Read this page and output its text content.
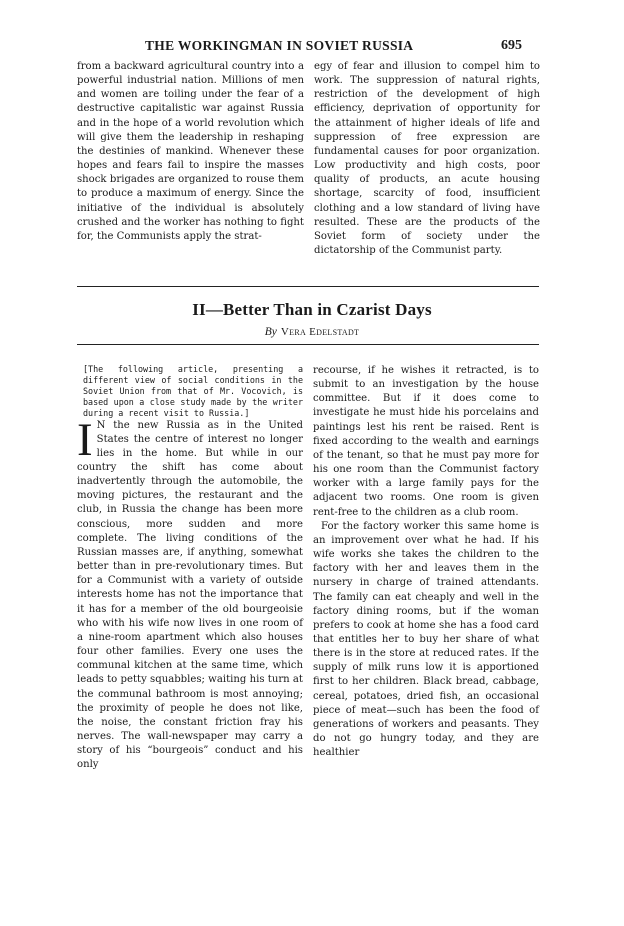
THE WORKINGMAN IN SOVIET RUSSIA	695

from a backward agricultural country into a powerful industrial nation. Millions of men and women are toiling under the fear of a destructive capitalistic war against Russia and in the hope of a world revolution which will give them the leadership in reshaping the destinies of mankind. Whenever these hopes and fears fail to inspire the masses shock brigades are organized to rouse them to produce a maximum of energy. Since the initiative of the individual is absolutely crushed and the worker has nothing to fight for, the Communists apply the strat-

egy of fear and illusion to compel him to work. The suppression of natural rights, restriction of the development of high efficiency, deprivation of opportunity for the attainment of higher ideals of life and suppression of free expression are fundamental causes for poor organization. Low productivity and high costs, poor quality of products, an acute housing shortage, scarcity of food, insufficient clothing and a low standard of living have resulted. These are the products of the Soviet form of society under the dictatorship of the Communist party.

II—Better Than in Czarist Days
By Vera Edelstadt

[The following article, presenting a different view of social conditions in the Soviet Union from that of Mr. Vocovich, is based upon a close study made by the writer during a recent visit to Russia.]

I N the new Russia as in the United States the centre of interest no longer lies in the home. But while in our country the shift has come about inadvertently through the automobile, the moving pictures, the restaurant and the club, in Russia the change has been more conscious, more sudden and more complete. The living conditions of the Russian masses are, if anything, somewhat better than in pre-revolutionary times. But for a Communist with a variety of outside interests home has not the importance that it has for a member of the old bourgeoisie who with his wife now lives in one room of a nine-room apartment which also houses four other families. Every one uses the communal kitchen at the same time, which leads to petty squabbles; waiting his turn at the communal bathroom is most annoying; the proximity of people he does not like, the noise, the constant friction fray his nerves. The wall-newspaper may carry a story of his “bourgeois” conduct and his only

recourse, if he wishes it retracted, is to submit to an investigation by the house committee. But if it does come to investigate he must hide his porcelains and paintings lest his rent be raised. Rent is fixed according to the wealth and earnings of the tenant, so that he must pay more for his one room than the Communist factory worker with a large family pays for the adjacent two rooms. One room is given rent-free to the children as a club room.

For the factory worker this same home is an improvement over what he had. If his wife works she takes the children to the factory with her and leaves them in the nursery in charge of trained attendants. The family can eat cheaply and well in the factory dining rooms, but if the woman prefers to cook at home she has a food card that entitles her to buy her share of what there is in the store at reduced rates. If the supply of milk runs low it is apportioned first to her children. Black bread, cabbage, cereal, potatoes, dried fish, an occasional piece of meat—such has been the food of generations of workers and peasants. They do not go hungry today, and they are healthier
